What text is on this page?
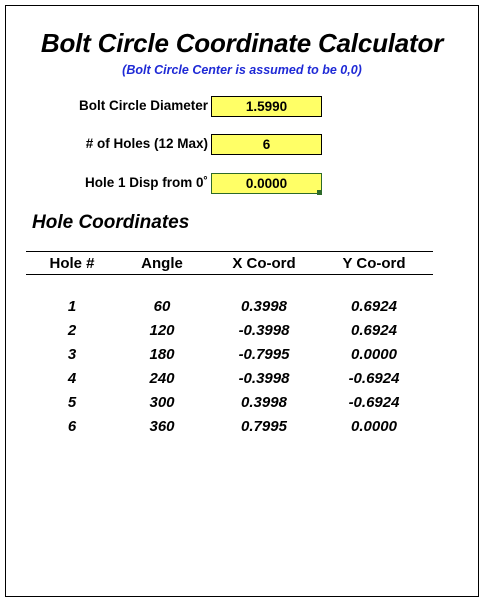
Bolt Circle Coordinate Calculator
(Bolt Circle Center is assumed to be 0,0)
Bolt Circle Diameter
1.5990
# of Holes (12 Max)
6
Hole 1 Disp from 0˚
0.0000
Hole Coordinates
Hole #	Angle	X Co-ord	Y Co-ord
1	60	0.3998	0.6924
2	120	-0.3998	0.6924
3	180	-0.7995	0.0000
4	240	-0.3998	-0.6924
5	300	0.3998	-0.6924
6	360	0.7995	0.0000
